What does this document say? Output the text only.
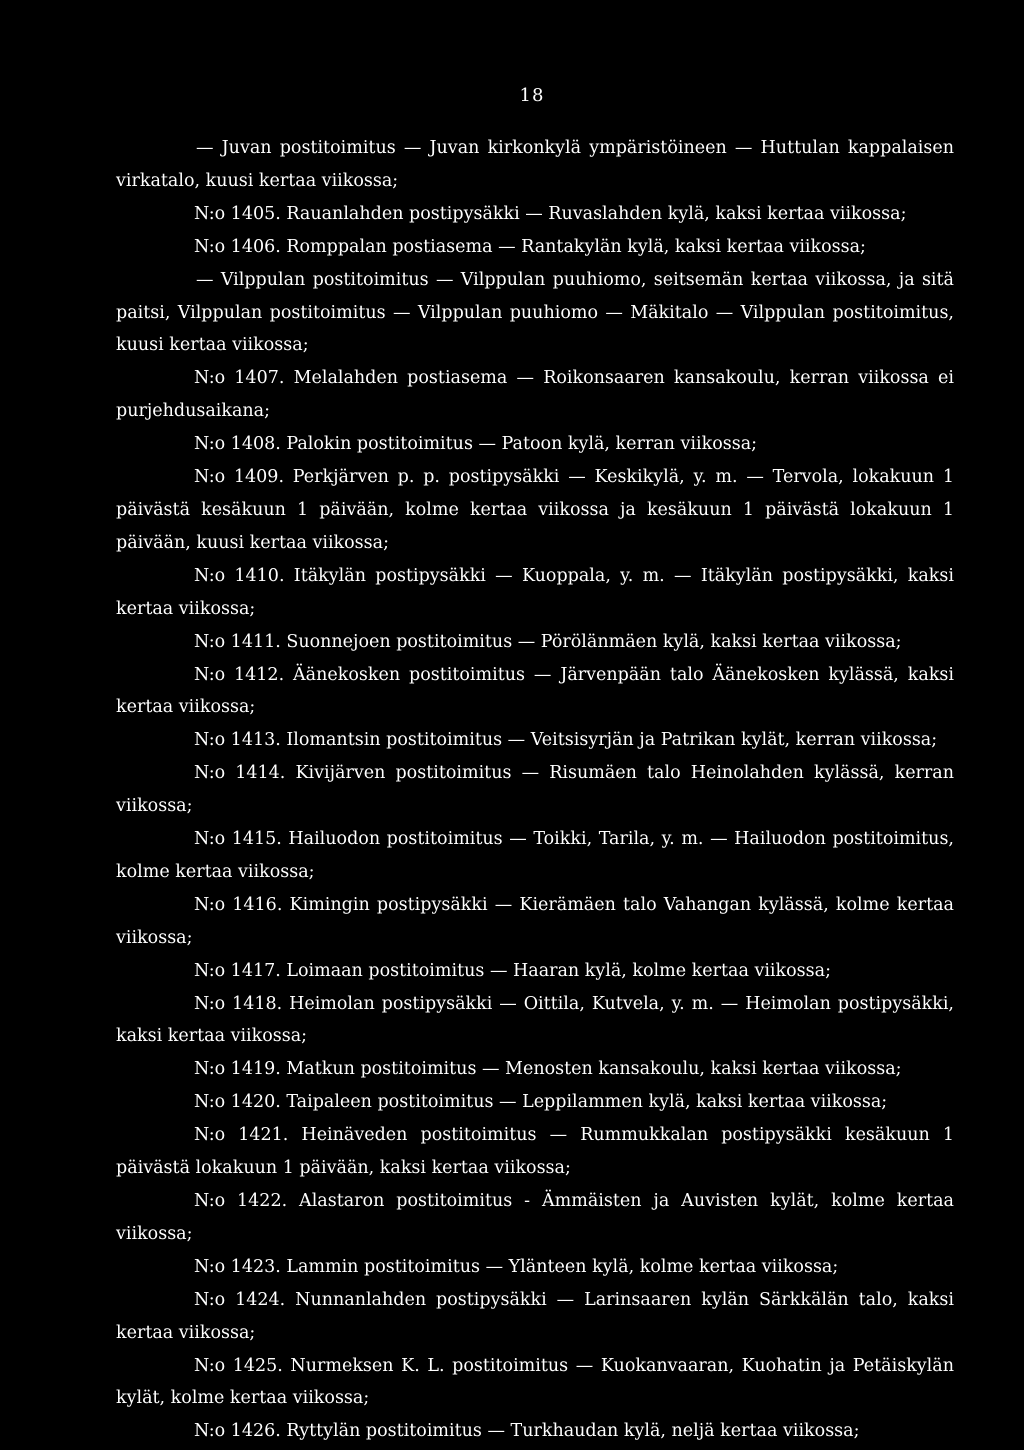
18

— Juvan postitoimitus — Juvan kirkonkylä ympäristöineen — Huttulan kappalaisen virkatalo, kuusi kertaa viikossa;

N:o 1405. Rauanlahden postipysäkki — Ruvaslahden kylä, kaksi kertaa viikossa;

N:o 1406. Romppalan postiasema — Rantakylän kylä, kaksi kertaa viikossa;

— Vilppulan postitoimitus — Vilppulan puuhiomo, seitsemän kertaa viikossa, ja sitä paitsi, Vilppulan postitoimitus — Vilppulan puuhiomo — Mäkitalo — Vilppulan postitoimitus, kuusi kertaa viikossa;

N:o 1407. Melalahden postiasema — Roikonsaaren kansakoulu, kerran viikossa ei purjehdusaikana;

N:o 1408. Palokin postitoimitus — Patoon kylä, kerran viikossa;

N:o 1409. Perkjärven p. p. postipysäkki — Keskikylä, y. m. — Tervola, lokakuun 1 päivästä kesäkuun 1 päivään, kolme kertaa viikossa ja kesäkuun 1 päivästä lokakuun 1 päivään, kuusi kertaa viikossa;

N:o 1410. Itäkylän postipysäkki — Kuoppala, y. m. — Itäkylän postipysäkki, kaksi kertaa viikossa;

N:o 1411. Suonnejoen postitoimitus — Pörölänmäen kylä, kaksi kertaa viikossa;

N:o 1412. Äänekosken postitoimitus — Järvenpään talo Äänekosken kylässä, kaksi kertaa viikossa;

N:o 1413. Ilomantsin postitoimitus — Veitsisyrjän ja Patrikan kylät, kerran viikossa;

N:o 1414. Kivijärven postitoimitus — Risumäen talo Heinolahden kylässä, kerran viikossa;

N:o 1415. Hailuodon postitoimitus — Toikki, Tarila, y. m. — Hailuodon postitoimitus, kolme kertaa viikossa;

N:o 1416. Kimingin postipysäkki — Kierämäen talo Vahangan kylässä, kolme kertaa viikossa;

N:o 1417. Loimaan postitoimitus — Haaran kylä, kolme kertaa viikossa;

N:o 1418. Heimolan postipysäkki — Oittila, Kutvela, y. m. — Heimolan postipysäkki, kaksi kertaa viikossa;

N:o 1419. Matkun postitoimitus — Menosten kansakoulu, kaksi kertaa viikossa;

N:o 1420. Taipaleen postitoimitus — Leppilammen kylä, kaksi kertaa viikossa;

N:o 1421. Heinäveden postitoimitus — Rummukkalan postipysäkki kesäkuun 1 päivästä lokakuun 1 päivään, kaksi kertaa viikossa;

N:o 1422. Alastaron postitoimitus - Ämmäisten ja Auvisten kylät, kolme kertaa viikossa;

N:o 1423. Lammin postitoimitus — Ylänteen kylä, kolme kertaa viikossa;

N:o 1424. Nunnanlahden postipysäkki — Larinsaaren kylän Särkkälän talo, kaksi kertaa viikossa;

N:o 1425. Nurmeksen K. L. postitoimitus — Kuokanvaaran, Kuohatin ja Petäiskylän kylät, kolme kertaa viikossa;

N:o 1426. Ryttylän postitoimitus — Turkhaudan kylä, neljä kertaa viikossa;
